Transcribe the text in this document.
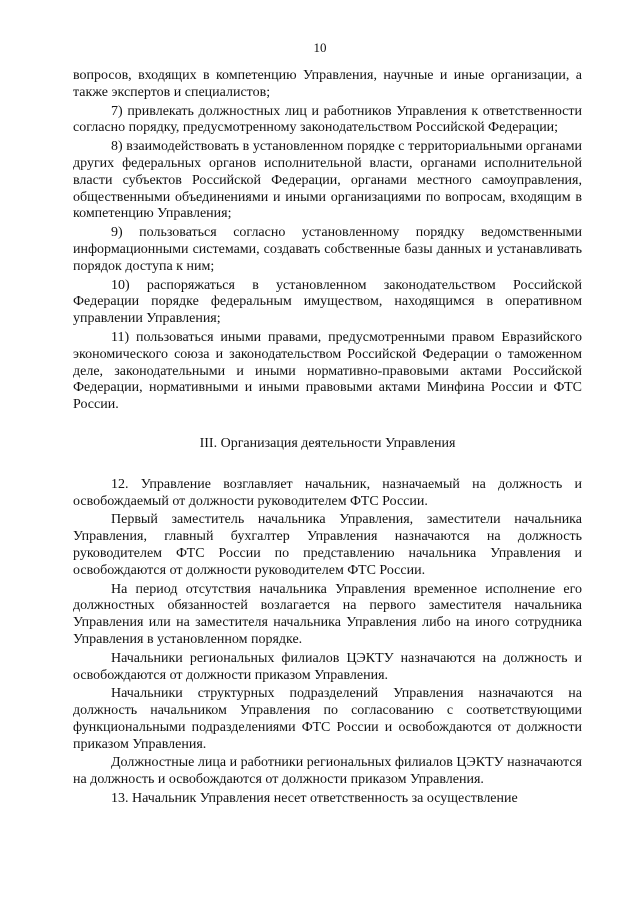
10

вопросов, входящих в компетенцию Управления, научные и иные организации, а также экспертов и специалистов;

7) привлекать должностных лиц и работников Управления к ответственности согласно порядку, предусмотренному законодательством Российской Федерации;

8) взаимодействовать в установленном порядке с территориальными органами других федеральных органов исполнительной власти, органами исполнительной власти субъектов Российской Федерации, органами местного самоуправления, общественными объединениями и иными организациями по вопросам, входящим в компетенцию Управления;

9) пользоваться согласно установленному порядку ведомственными информационными системами, создавать собственные базы данных и устанавливать порядок доступа к ним;

10) распоряжаться в установленном законодательством Российской Федерации порядке федеральным имуществом, находящимся в оперативном управлении Управления;

11) пользоваться иными правами, предусмотренными правом Евразийского экономического союза и законодательством Российской Федерации о таможенном деле, законодательными и иными нормативно-правовыми актами Российской Федерации, нормативными и иными правовыми актами Минфина России и ФТС России.

III. Организация деятельности Управления

12. Управление возглавляет начальник, назначаемый на должность и освобождаемый от должности руководителем ФТС России.

Первый заместитель начальника Управления, заместители начальника Управления, главный бухгалтер Управления назначаются на должность руководителем ФТС России по представлению начальника Управления и освобождаются от должности руководителем ФТС России.

На период отсутствия начальника Управления временное исполнение его должностных обязанностей возлагается на первого заместителя начальника Управления или на заместителя начальника Управления либо на иного сотрудника Управления в установленном порядке.

Начальники региональных филиалов ЦЭКТУ назначаются на должность и освобождаются от должности приказом Управления.

Начальники структурных подразделений Управления назначаются на должность начальником Управления по согласованию с соответствующими функциональными подразделениями ФТС России и освобождаются от должности приказом Управления.

Должностные лица и работники региональных филиалов ЦЭКТУ назначаются на должность и освобождаются от должности приказом Управления.

13. Начальник Управления несет ответственность за осуществление
